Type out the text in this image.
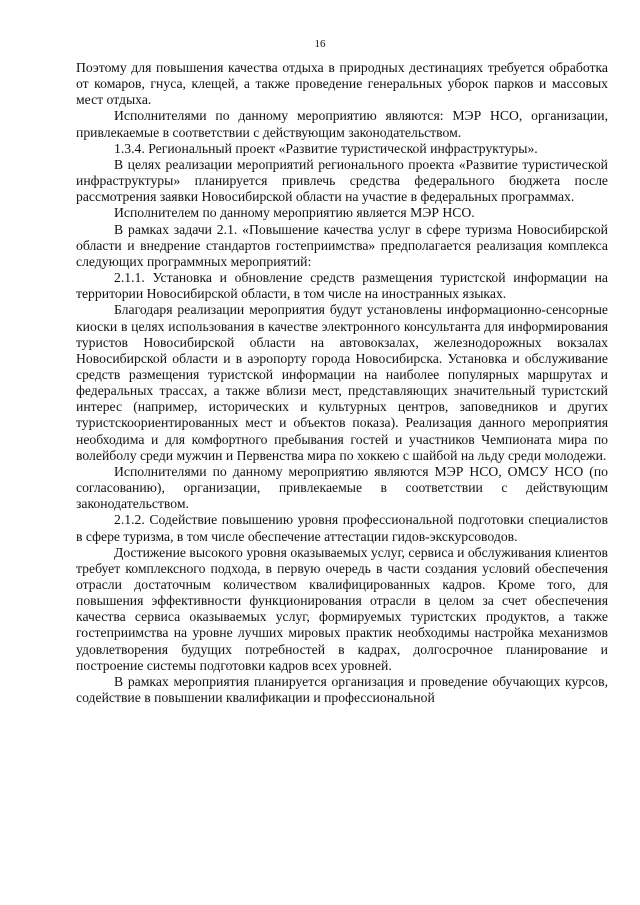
16

Поэтому для повышения качества отдыха в природных дестинациях требуется обработка от комаров, гнуса, клещей, а также проведение генеральных уборок парков и массовых мест отдыха.

Исполнителями по данному мероприятию являются: МЭР НСО, организации, привлекаемые в соответствии с действующим законодательством.

1.3.4. Региональный проект «Развитие туристической инфраструктуры».

В целях реализации мероприятий регионального проекта «Развитие туристической инфраструктуры» планируется привлечь средства федерального бюджета после рассмотрения заявки Новосибирской области на участие в федеральных программах.

Исполнителем по данному мероприятию является МЭР НСО.

В рамках задачи 2.1. «Повышение качества услуг в сфере туризма Новосибирской области и внедрение стандартов гостеприимства» предполагается реализация комплекса следующих программных мероприятий:

2.1.1. Установка и обновление средств размещения туристской информации на территории Новосибирской области, в том числе на иностранных языках.

Благодаря реализации мероприятия будут установлены информационно-сенсорные киоски в целях использования в качестве электронного консультанта для информирования туристов Новосибирской области на автовокзалах, железнодорожных вокзалах Новосибирской области и в аэропорту города Новосибирска. Установка и обслуживание средств размещения туристской информации на наиболее популярных маршрутах и федеральных трассах, а также вблизи мест, представляющих значительный туристский интерес (например, исторических и культурных центров, заповедников и других туристскоориентированных мест и объектов показа). Реализация данного мероприятия необходима и для комфортного пребывания гостей и участников Чемпионата мира по волейболу среди мужчин и Первенства мира по хоккею с шайбой на льду среди молодежи.

Исполнителями по данному мероприятию являются МЭР НСО, ОМСУ НСО (по согласованию), организации, привлекаемые в соответствии с действующим законодательством.

2.1.2. Содействие повышению уровня профессиональной подготовки специалистов в сфере туризма, в том числе обеспечение аттестации гидов-экскурсоводов.

Достижение высокого уровня оказываемых услуг, сервиса и обслуживания клиентов требует комплексного подхода, в первую очередь в части создания условий обеспечения отрасли достаточным количеством квалифицированных кадров. Кроме того, для повышения эффективности функционирования отрасли в целом за счет обеспечения качества сервиса оказываемых услуг, формируемых туристских продуктов, а также гостеприимства на уровне лучших мировых практик необходимы настройка механизмов удовлетворения будущих потребностей в кадрах, долгосрочное планирование и построение системы подготовки кадров всех уровней.

В рамках мероприятия планируется организация и проведение обучающих курсов, содействие в повышении квалификации и профессиональной
